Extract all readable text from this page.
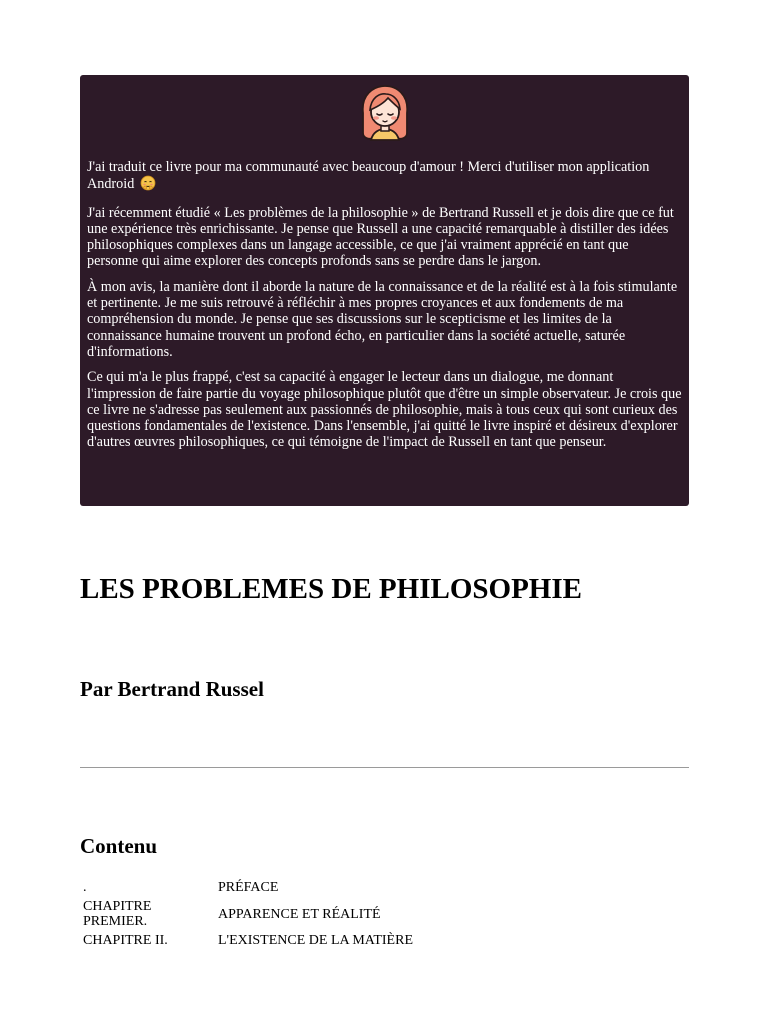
J'ai traduit ce livre pour ma communauté avec beaucoup d'amour ! Merci d'utiliser mon application Android

J'ai récemment étudié « Les problèmes de la philosophie » de Bertrand Russell et je dois dire que ce fut une expérience très enrichissante. Je pense que Russell a une capacité remarquable à distiller des idées philosophiques complexes dans un langage accessible, ce que j'ai vraiment apprécié en tant que personne qui aime explorer des concepts profonds sans se perdre dans le jargon.

À mon avis, la manière dont il aborde la nature de la connaissance et de la réalité est à la fois stimulante et pertinente. Je me suis retrouvé à réfléchir à mes propres croyances et aux fondements de ma compréhension du monde. Je pense que ses discussions sur le scepticisme et les limites de la connaissance humaine trouvent un profond écho, en particulier dans la société actuelle, saturée d'informations.

Ce qui m'a le plus frappé, c'est sa capacité à engager le lecteur dans un dialogue, me donnant l'impression de faire partie du voyage philosophique plutôt que d'être un simple observateur. Je crois que ce livre ne s'adresse pas seulement aux passionnés de philosophie, mais à tous ceux qui sont curieux des questions fondamentales de l'existence. Dans l'ensemble, j'ai quitté le livre inspiré et désireux d'explorer d'autres œuvres philosophiques, ce qui témoigne de l'impact de Russell en tant que penseur.

LES PROBLEMES DE PHILOSOPHIE
Par Bertrand Russel
Contenu
.	PRÉFACE
CHAPITRE PREMIER.	APPARENCE ET RÉALITÉ
CHAPITRE II.	L'EXISTENCE DE LA MATIÈRE
